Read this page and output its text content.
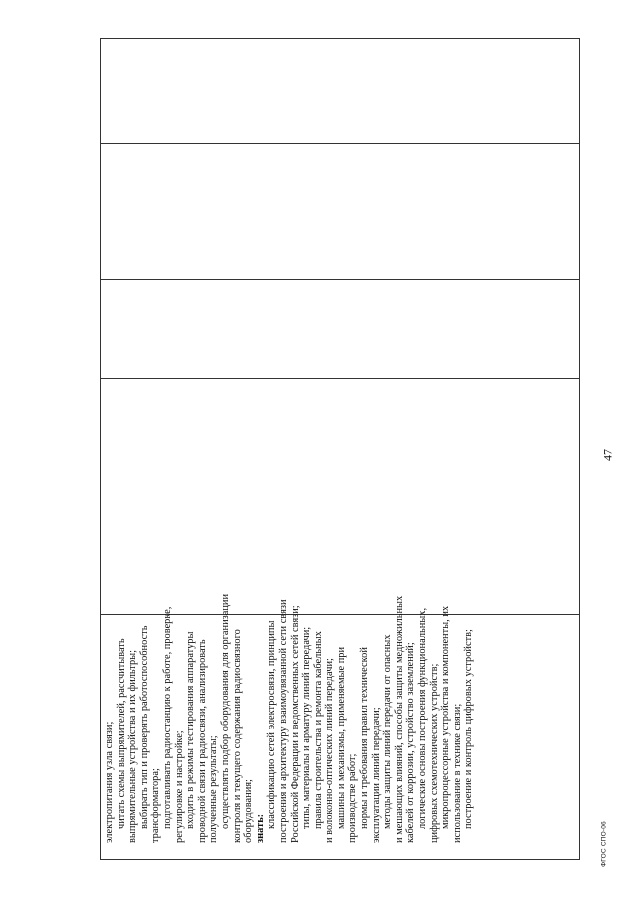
47
электропитания узла связи; читать схемы выпрямителей, рассчитывать выпрямительные устройства и их фильтры; выбирать тип и проверять работоспособность трансформатора; подготавливать радиостанцию к работе, проверке, регулировке и настройке; входить в режимы тестирования аппаратуры проводной связи и радиосвязи, анализировать полученные результаты; осуществлять подбор оборудования для организации контроля и текущего содержания радиосвязного оборудования; знать: классификацию сетей электросвязи, принципы построения и архитектуру взаимоувязанной сети связи Российской Федерации и ведомственных сетей связи; типы, материалы и арматуру линий передачи; правила строительства и ремонта кабельных и волоконно-оптических линий передачи; машины и механизмы, применяемые при производстве работ; нормы и требования правил технической эксплуатации линий передачи; методы защиты линий передачи от опасных и мешающих влияний, способы защиты медножильных кабелей от коррозии, устройство заземлений; логические основы построения функциональных, цифровых схемотехнических устройств; микропроцессорные устройства и компоненты, их использование в технике связи; построение и контроль цифровых устройств;
ФГОС СПО-06
